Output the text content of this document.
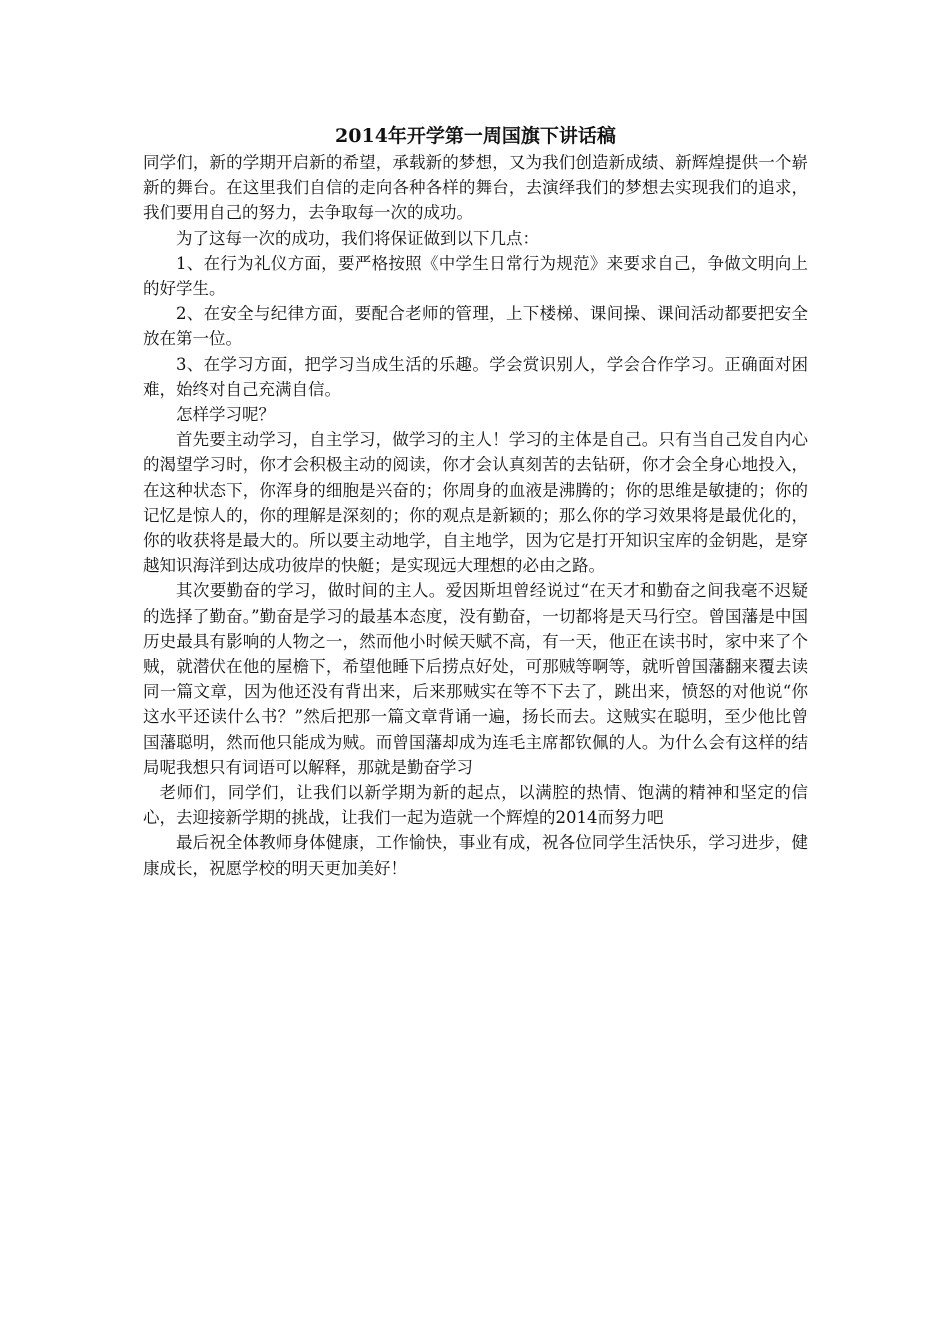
2014年开学第一周国旗下讲话稿

同学们，新的学期开启新的希望，承载新的梦想，又为我们创造新成绩、新辉煌提供一个崭新的舞台。在这里我们自信的走向各种各样的舞台，去演绎我们的梦想去实现我们的追求，我们要用自己的努力，去争取每一次的成功。

为了这每一次的成功，我们将保证做到以下几点：

1、在行为礼仪方面，要严格按照《中学生日常行为规范》来要求自己，争做文明向上的好学生。

2、在安全与纪律方面，要配合老师的管理，上下楼梯、课间操、课间活动都要把安全放在第一位。

3、在学习方面，把学习当成生活的乐趣。学会赏识别人，学会合作学习。正确面对困难，始终对自己充满自信。

怎样学习呢？

首先要主动学习，自主学习，做学习的主人！学习的主体是自己。只有当自己发自内心的渴望学习时，你才会积极主动的阅读，你才会认真刻苦的去钻研，你才会全身心地投入，在这种状态下，你浑身的细胞是兴奋的；你周身的血液是沸腾的；你的思维是敏捷的；你的记忆是惊人的，你的理解是深刻的；你的观点是新颖的；那么你的学习效果将是最优化的，你的收获将是最大的。所以要主动地学，自主地学，因为它是打开知识宝库的金钥匙，是穿越知识海洋到达成功彼岸的快艇；是实现远大理想的必由之路。

其次要勤奋的学习，做时间的主人。爱因斯坦曾经说过“在天才和勤奋之间我毫不迟疑的选择了勤奋。”勤奋是学习的最基本态度，没有勤奋，一切都将是天马行空。曾国藩是中国历史最具有影响的人物之一，然而他小时候天赋不高，有一天，他正在读书时，家中来了个贼，就潜伏在他的屋檐下，希望他睡下后捞点好处，可那贼等啊等，就听曾国藩翻来覆去读同一篇文章，因为他还没有背出来，后来那贼实在等不下去了，跳出来，愤怒的对他说“你这水平还读什么书？”然后把那一篇文章背诵一遍，扬长而去。这贼实在聪明，至少他比曾国藩聪明，然而他只能成为贼。而曾国藩却成为连毛主席都钦佩的人。为什么会有这样的结局呢我想只有词语可以解释，那就是勤奋学习

老师们，同学们，让我们以新学期为新的起点，以满腔的热情、饱满的精神和坚定的信心，去迎接新学期的挑战，让我们一起为造就一个辉煌的2014而努力吧

最后祝全体教师身体健康，工作愉快，事业有成，祝各位同学生活快乐，学习进步，健康成长，祝愿学校的明天更加美好！
